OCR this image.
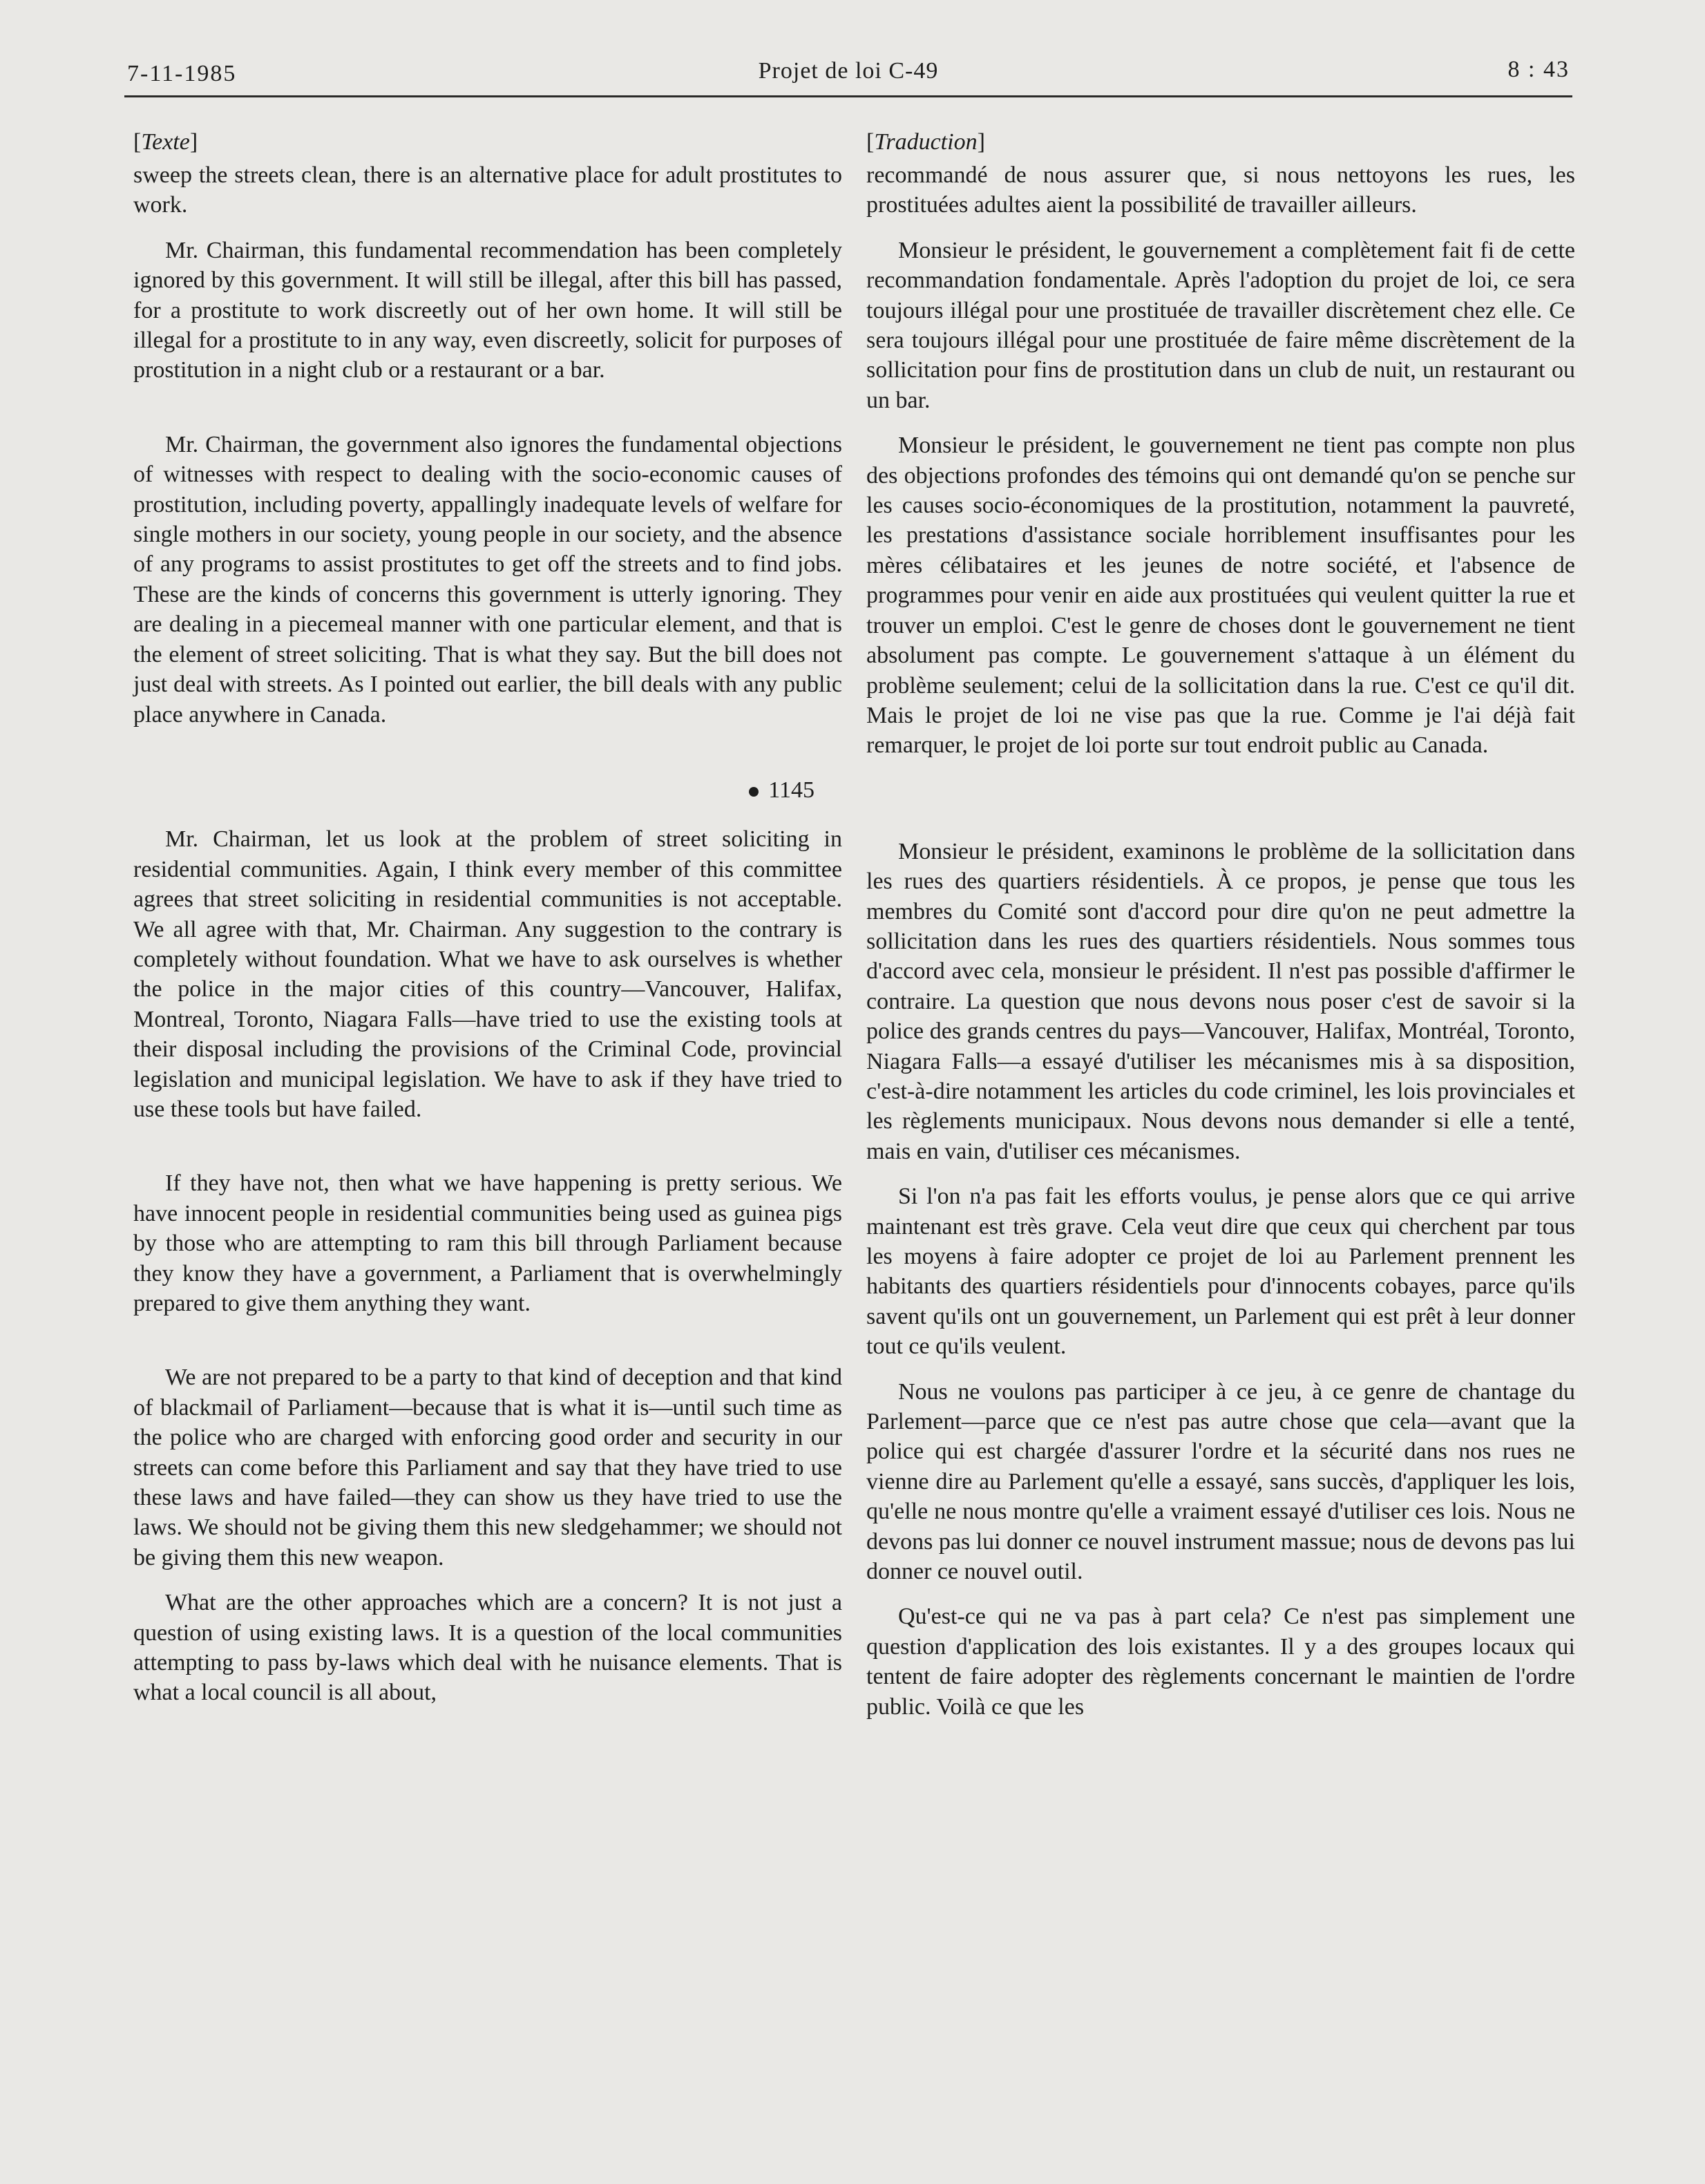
7-11-1985	Projet de loi C-49	8 : 43

[Texte]

sweep the streets clean, there is an alternative place for adult prostitutes to work.

Mr. Chairman, this fundamental recommendation has been completely ignored by this government. It will still be illegal, after this bill has passed, for a prostitute to work discreetly out of her own home. It will still be illegal for a prostitute to in any way, even discreetly, solicit for purposes of prostitution in a night club or a restaurant or a bar.

Mr. Chairman, the government also ignores the fundamental objections of witnesses with respect to dealing with the socio-economic causes of prostitution, including poverty, appallingly inadequate levels of welfare for single mothers in our society, young people in our society, and the absence of any programs to assist prostitutes to get off the streets and to find jobs. These are the kinds of concerns this government is utterly ignoring. They are dealing in a piecemeal manner with one particular element, and that is the element of street soliciting. That is what they say. But the bill does not just deal with streets. As I pointed out earlier, the bill deals with any public place anywhere in Canada.

1145

Mr. Chairman, let us look at the problem of street soliciting in residential communities. Again, I think every member of this committee agrees that street soliciting in residential communities is not acceptable. We all agree with that, Mr. Chairman. Any suggestion to the contrary is completely without foundation. What we have to ask ourselves is whether the police in the major cities of this country—Vancouver, Halifax, Montreal, Toronto, Niagara Falls—have tried to use the existing tools at their disposal including the provisions of the Criminal Code, provincial legislation and municipal legislation. We have to ask if they have tried to use these tools but have failed.

If they have not, then what we have happening is pretty serious. We have innocent people in residential communities being used as guinea pigs by those who are attempting to ram this bill through Parliament because they know they have a government, a Parliament that is overwhelmingly prepared to give them anything they want.

We are not prepared to be a party to that kind of deception and that kind of blackmail of Parliament—because that is what it is—until such time as the police who are charged with enforcing good order and security in our streets can come before this Parliament and say that they have tried to use these laws and have failed—they can show us they have tried to use the laws. We should not be giving them this new sledgehammer; we should not be giving them this new weapon.

What are the other approaches which are a concern? It is not just a question of using existing laws. It is a question of the local communities attempting to pass by-laws which deal with he nuisance elements. That is what a local council is all about,

[Traduction]

recommandé de nous assurer que, si nous nettoyons les rues, les prostituées adultes aient la possibilité de travailler ailleurs.

Monsieur le président, le gouvernement a complètement fait fi de cette recommandation fondamentale. Après l'adoption du projet de loi, ce sera toujours illégal pour une prostituée de travailler discrètement chez elle. Ce sera toujours illégal pour une prostituée de faire même discrètement de la sollicitation pour fins de prostitution dans un club de nuit, un restaurant ou un bar.

Monsieur le président, le gouvernement ne tient pas compte non plus des objections profondes des témoins qui ont demandé qu'on se penche sur les causes socio-économiques de la prostitution, notamment la pauvreté, les prestations d'assistance sociale horriblement insuffisantes pour les mères célibataires et les jeunes de notre société, et l'absence de programmes pour venir en aide aux prostituées qui veulent quitter la rue et trouver un emploi. C'est le genre de choses dont le gouvernement ne tient absolument pas compte. Le gouvernement s'attaque à un élément du problème seulement; celui de la sollicitation dans la rue. C'est ce qu'il dit. Mais le projet de loi ne vise pas que la rue. Comme je l'ai déjà fait remarquer, le projet de loi porte sur tout endroit public au Canada.

Monsieur le président, examinons le problème de la sollicitation dans les rues des quartiers résidentiels. À ce propos, je pense que tous les membres du Comité sont d'accord pour dire qu'on ne peut admettre la sollicitation dans les rues des quartiers résidentiels. Nous sommes tous d'accord avec cela, monsieur le président. Il n'est pas possible d'affirmer le contraire. La question que nous devons nous poser c'est de savoir si la police des grands centres du pays—Vancouver, Halifax, Montréal, Toronto, Niagara Falls—a essayé d'utiliser les mécanismes mis à sa disposition, c'est-à-dire notamment les articles du code criminel, les lois provinciales et les règlements municipaux. Nous devons nous demander si elle a tenté, mais en vain, d'utiliser ces mécanismes.

Si l'on n'a pas fait les efforts voulus, je pense alors que ce qui arrive maintenant est très grave. Cela veut dire que ceux qui cherchent par tous les moyens à faire adopter ce projet de loi au Parlement prennent les habitants des quartiers résidentiels pour d'innocents cobayes, parce qu'ils savent qu'ils ont un gouvernement, un Parlement qui est prêt à leur donner tout ce qu'ils veulent.

Nous ne voulons pas participer à ce jeu, à ce genre de chantage du Parlement—parce que ce n'est pas autre chose que cela—avant que la police qui est chargée d'assurer l'ordre et la sécurité dans nos rues ne vienne dire au Parlement qu'elle a essayé, sans succès, d'appliquer les lois, qu'elle ne nous montre qu'elle a vraiment essayé d'utiliser ces lois. Nous ne devons pas lui donner ce nouvel instrument massue; nous de devons pas lui donner ce nouvel outil.

Qu'est-ce qui ne va pas à part cela? Ce n'est pas simplement une question d'application des lois existantes. Il y a des groupes locaux qui tentent de faire adopter des règlements concernant le maintien de l'ordre public. Voilà ce que les
